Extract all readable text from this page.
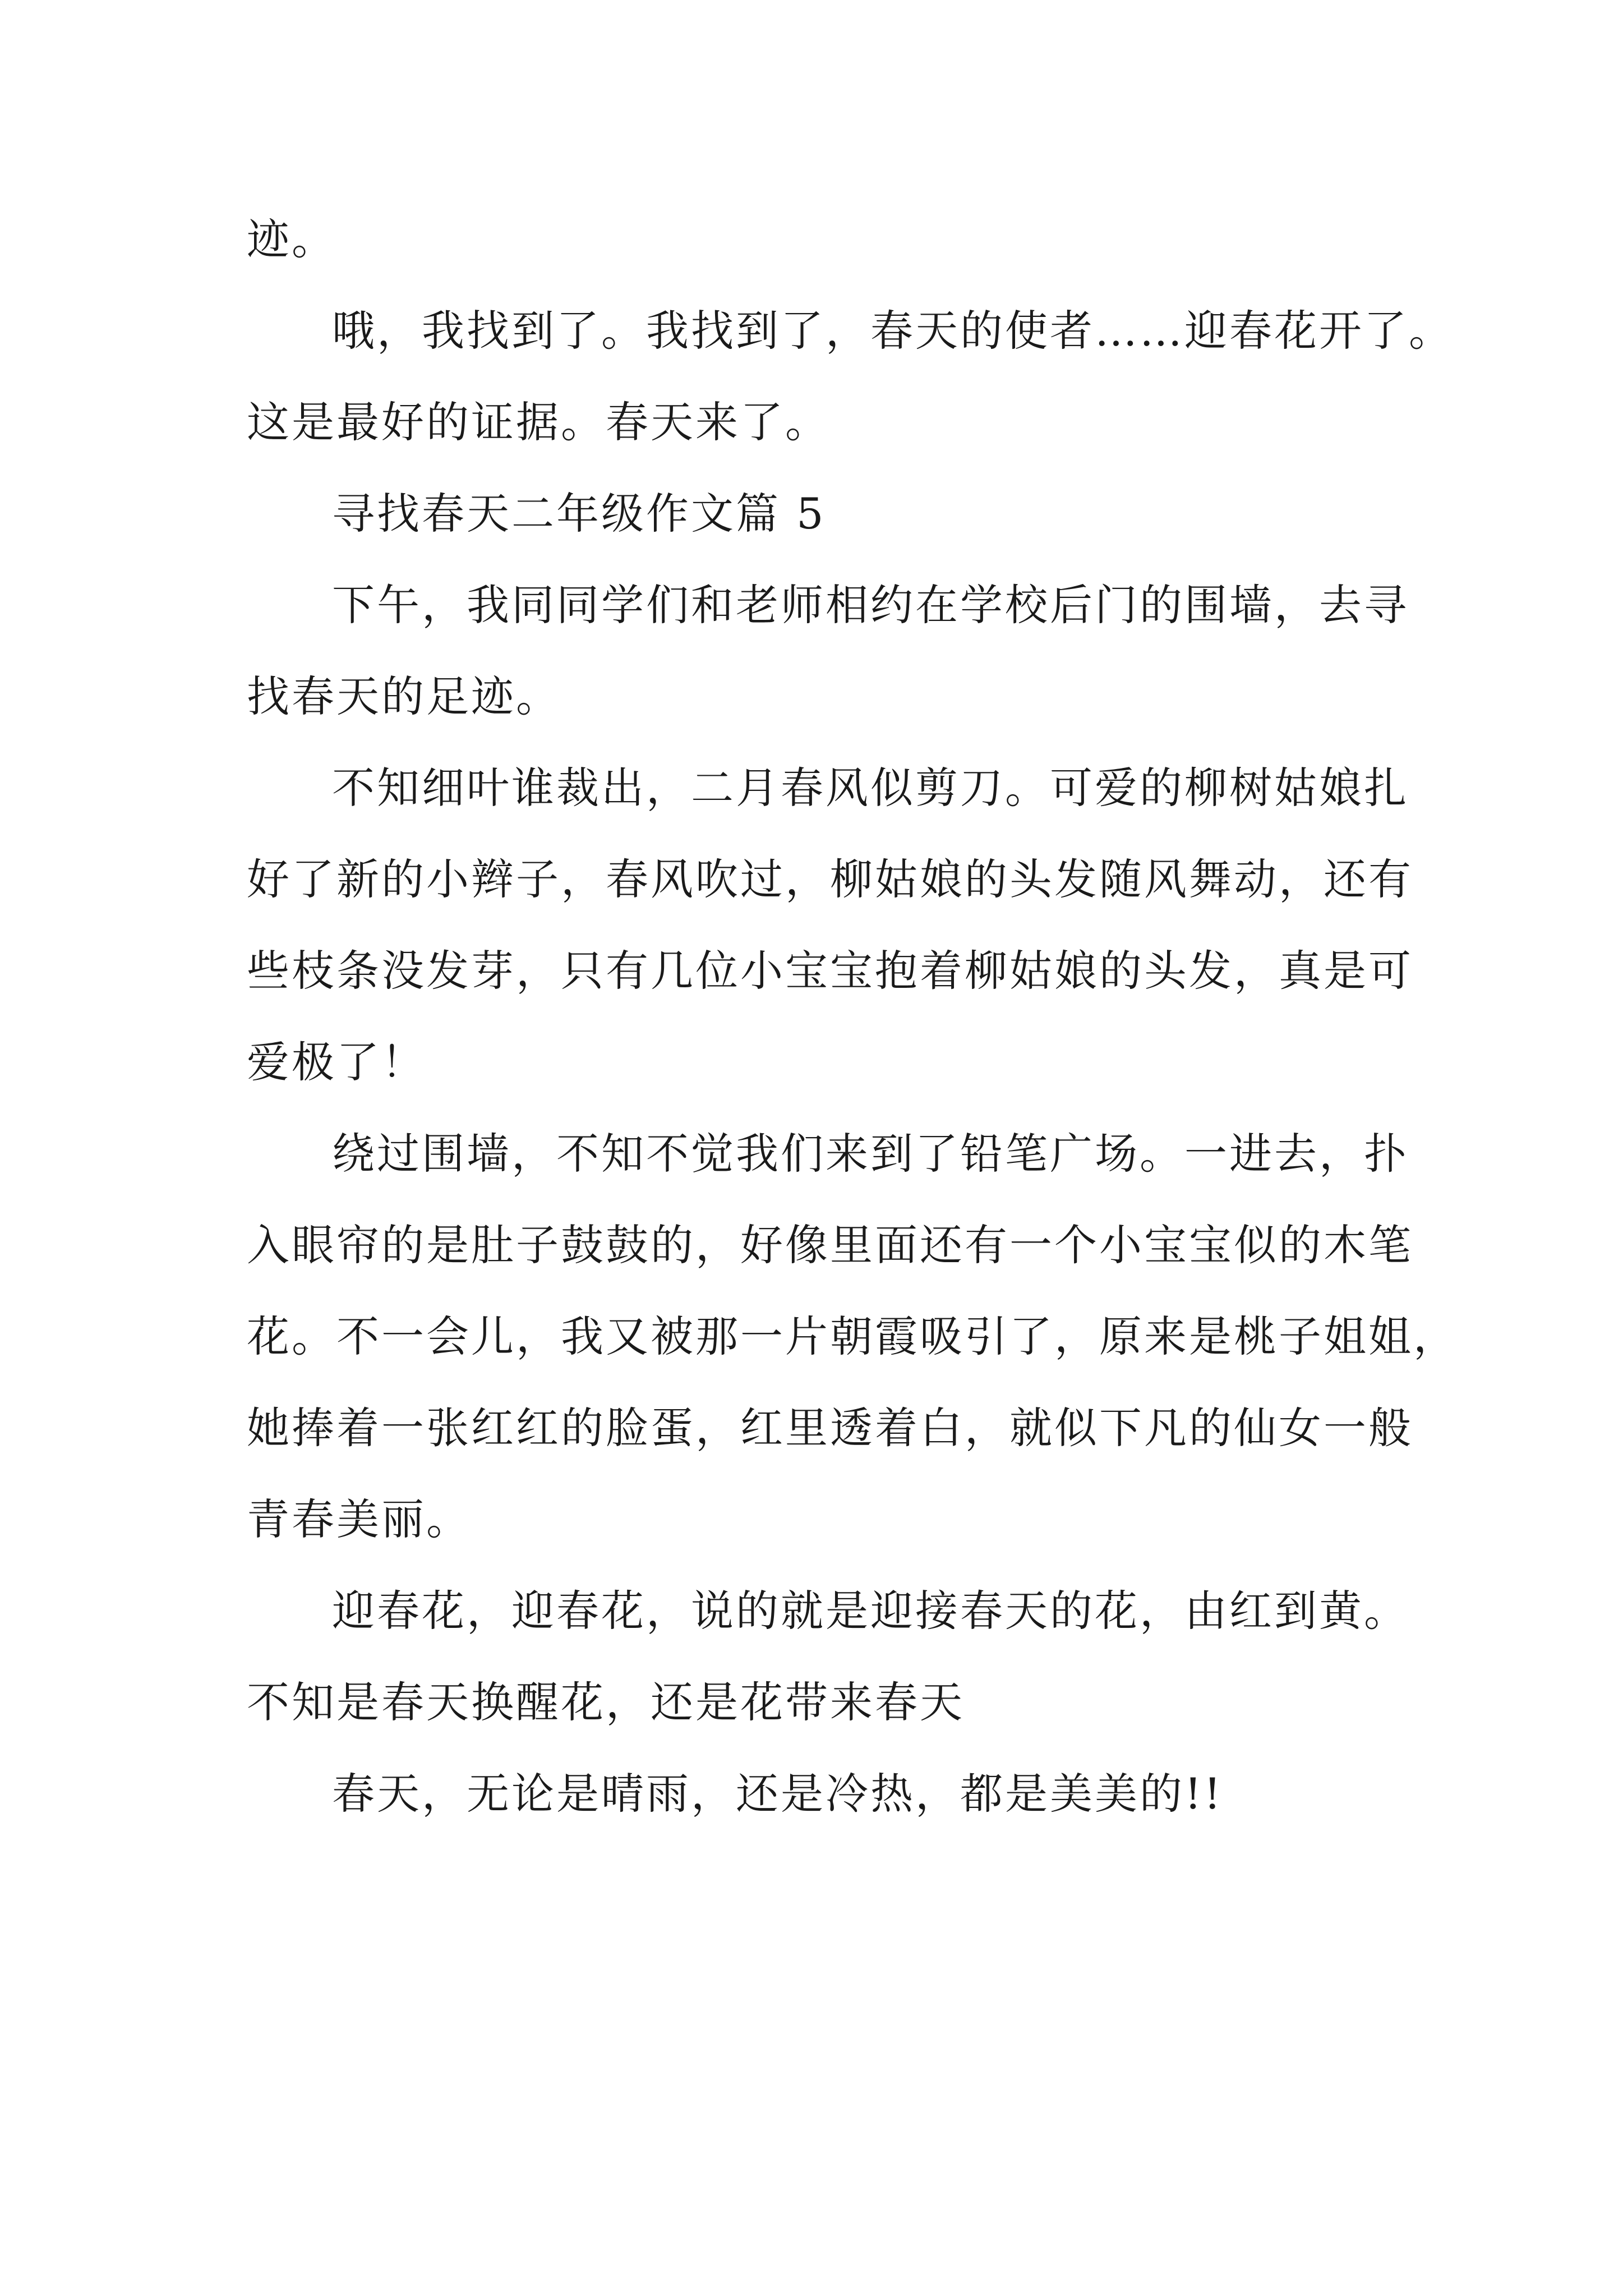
迹。
哦，我找到了。我找到了，春天的使者……迎春花开了。
这是最好的证据。春天来了。
寻找春天二年级作文篇 5
下午，我同同学们和老师相约在学校后门的围墙，去寻
找春天的足迹。
不知细叶谁裁出，二月春风似剪刀。可爱的柳树姑娘扎
好了新的小辫子，春风吹过，柳姑娘的头发随风舞动，还有
些枝条没发芽，只有几位小宝宝抱着柳姑娘的头发，真是可
爱极了！
绕过围墙，不知不觉我们来到了铅笔广场。一进去，扑
入眼帘的是肚子鼓鼓的，好像里面还有一个小宝宝似的木笔
花。不一会儿，我又被那一片朝霞吸引了，原来是桃子姐姐，
她捧着一张红红的脸蛋，红里透着白，就似下凡的仙女一般
青春美丽。
迎春花，迎春花，说的就是迎接春天的花，由红到黄。
不知是春天换醒花，还是花带来春天
春天，无论是晴雨，还是冷热，都是美美的!!
